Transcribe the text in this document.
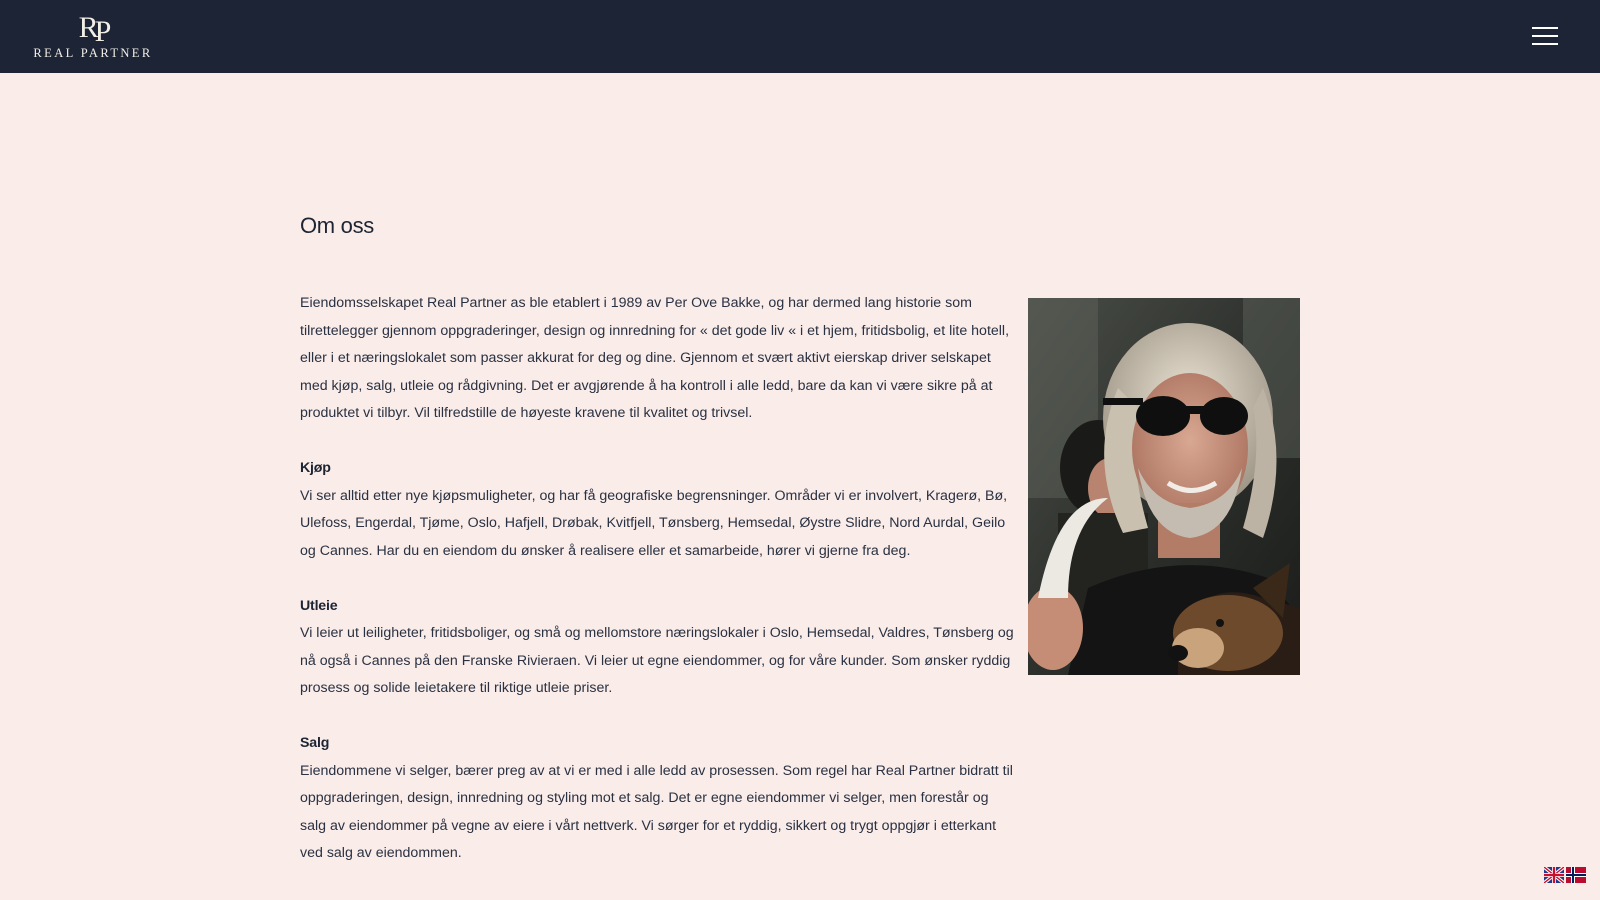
RP
REAL PARTNER
Om oss

Eiendomsselskapet Real Partner as ble etablert i 1989 av Per Ove Bakke, og har dermed lang historie som tilrettelegger gjennom oppgraderinger, design og innredning for « det gode liv « i et hjem, fritidsbolig, et lite hotell, eller i et næringslokalet som passer akkurat for deg og dine. Gjennom et svært aktivt eierskap driver selskapet med kjøp, salg, utleie og rådgivning. Det er avgjørende å ha kontroll i alle ledd, bare da kan vi være sikre på at produktet vi tilbyr. Vil tilfredstille de høyeste kravene til kvalitet og trivsel.

Kjøp
Vi ser alltid etter nye kjøpsmuligheter, og har få geografiske begrensninger. Områder vi er involvert, Kragerø, Bø, Ulefoss, Engerdal, Tjøme, Oslo, Hafjell, Drøbak, Kvitfjell, Tønsberg, Hemsedal, Øystre Slidre, Nord Aurdal, Geilo og Cannes. Har du en eiendom du ønsker å realisere eller et samarbeide, hører vi gjerne fra deg.

Utleie
Vi leier ut leiligheter, fritidsboliger, og små og mellomstore næringslokaler i Oslo, Hemsedal, Valdres, Tønsberg og nå også i Cannes på den Franske Rivieraen. Vi leier ut egne eiendommer, og for våre kunder. Som ønsker ryddig prosess og solide leietakere til riktige utleie priser.

Salg
Eiendommene vi selger, bærer preg av at vi er med i alle ledd av prosessen. Som regel har Real Partner bidratt til oppgraderingen, design, innredning og styling mot et salg. Det er egne eiendommer vi selger, men forestår og salg av eiendommer på vegne av eiere i vårt nettverk. Vi sørger for et ryddig, sikkert og trygt oppgjør i etterkant ved salg av eiendommen.
